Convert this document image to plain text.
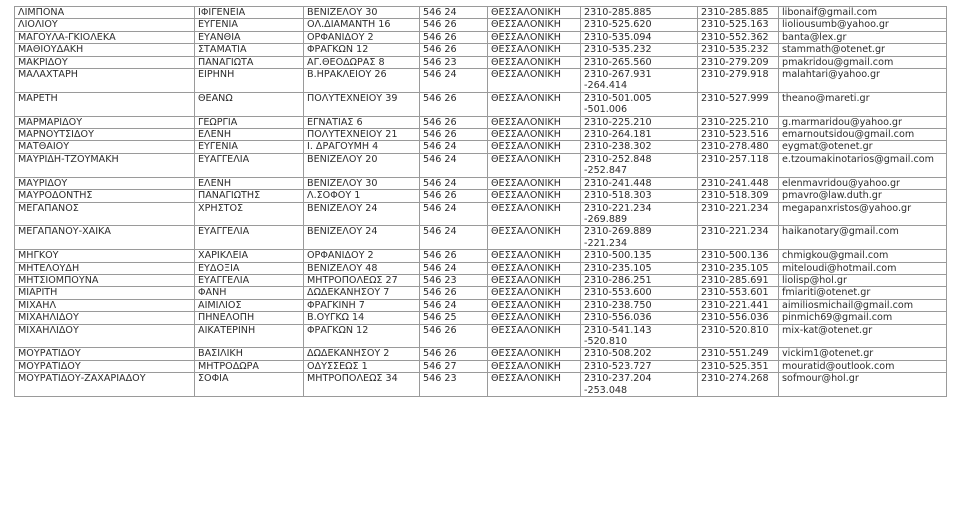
ΛΙΜΠΟΝΑ	ΙΦΙΓΕΝΕΙΑ	ΒΕΝΙΖΕΛΟΥ 30	546 24	ΘΕΣΣΑΛΟΝΙΚΗ	2310-285.885	2310-285.885	libonaif@gmail.com
ΛΙΟΛΙΟΥ	ΕΥΓΕΝΙΑ	ΟΛ.ΔΙΑΜΑΝΤΗ 16	546 26	ΘΕΣΣΑΛΟΝΙΚΗ	2310-525.620	2310-525.163	lioliousumb@yahoo.gr
ΜΑΓΟΥΛΑ-ΓΚΙΟΛΕΚΑ	ΕΥΑΝΘΙΑ	ΟΡΦΑΝΙΔΟΥ 2	546 26	ΘΕΣΣΑΛΟΝΙΚΗ	2310-535.094	2310-552.362	banta@lex.gr
ΜΑΘΙΟΥΔΑΚΗ	ΣΤΑΜΑΤΙΑ	ΦΡΑΓΚΩΝ 12	546 26	ΘΕΣΣΑΛΟΝΙΚΗ	2310-535.232	2310-535.232	stammath@otenet.gr
ΜΑΚΡΙΔΟΥ	ΠΑΝΑΓΙΩΤΑ	ΑΓ.ΘΕΟΔΩΡΑΣ 8	546 23	ΘΕΣΣΑΛΟΝΙΚΗ	2310-265.560	2310-279.209	pmakridou@gmail.com
ΜΑΛΑΧΤΑΡΗ	ΕΙΡΗΝΗ	Β.ΗΡΑΚΛΕΙΟΥ 26	546 24	ΘΕΣΣΑΛΟΝΙΚΗ	2310-267.931 -264.414	2310-279.918	malahtari@yahoo.gr
ΜΑΡΕΤΗ	ΘΕΑΝΩ	ΠΟΛΥΤΕΧΝΕΙΟΥ 39	546 26	ΘΕΣΣΑΛΟΝΙΚΗ	2310-501.005 -501.006	2310-527.999	theano@mareti.gr
ΜΑΡΜΑΡΙΔΟΥ	ΓΕΩΡΓΙΑ	ΕΓΝΑΤΙΑΣ 6	546 26	ΘΕΣΣΑΛΟΝΙΚΗ	2310-225.210	2310-225.210	g.marmaridou@yahoo.gr
ΜΑΡΝΟΥΤΣΙΔΟΥ	ΕΛΕΝΗ	ΠΟΛΥΤΕΧΝΕΙΟΥ 21	546 26	ΘΕΣΣΑΛΟΝΙΚΗ	2310-264.181	2310-523.516	emarnoutsidou@gmail.com
ΜΑΤΘΑΙΟΥ	ΕΥΓΕΝΙΑ	Ι. ΔΡΑΓΟΥΜΗ 4	546 24	ΘΕΣΣΑΛΟΝΙΚΗ	2310-238.302	2310-278.480	eygmat@otenet.gr
ΜΑΥΡΙΔΗ-ΤΖΟΥΜΑΚΗ	ΕΥΑΓΓΕΛΙΑ	ΒΕΝΙΖΕΛΟΥ 20	546 24	ΘΕΣΣΑΛΟΝΙΚΗ	2310-252.848 -252.847	2310-257.118	e.tzoumakinotarios@gmail.com
ΜΑΥΡΙΔΟΥ	ΕΛΕΝΗ	ΒΕΝΙΖΕΛΟΥ 30	546 24	ΘΕΣΣΑΛΟΝΙΚΗ	2310-241.448	2310-241.448	elenmavridou@yahoo.gr
ΜΑΥΡΟΔΟΝΤΗΣ	ΠΑΝΑΓΙΩΤΗΣ	Λ.ΣΟΦΟΥ 1	546 26	ΘΕΣΣΑΛΟΝΙΚΗ	2310-518.303	2310-518.309	pmavro@law.duth.gr
ΜΕΓΑΠΑΝΟΣ	ΧΡΗΣΤΟΣ	ΒΕΝΙΖΕΛΟΥ 24	546 24	ΘΕΣΣΑΛΟΝΙΚΗ	2310-221.234 -269.889	2310-221.234	megapanxristos@yahoo.gr
ΜΕΓΑΠΑΝΟΥ-ΧΑΙΚΑ	ΕΥΑΓΓΕΛΙΑ	ΒΕΝΙΖΕΛΟΥ 24	546 24	ΘΕΣΣΑΛΟΝΙΚΗ	2310-269.889 -221.234	2310-221.234	haikanotary@gmail.com
ΜΗΓΚΟΥ	ΧΑΡΙΚΛΕΙΑ	ΟΡΦΑΝΙΔΟΥ 2	546 26	ΘΕΣΣΑΛΟΝΙΚΗ	2310-500.135	2310-500.136	chmigkou@gmail.com
ΜΗΤΕΛΟΥΔΗ	ΕΥΔΟΞΙΑ	ΒΕΝΙΖΕΛΟΥ 48	546 24	ΘΕΣΣΑΛΟΝΙΚΗ	2310-235.105	2310-235.105	miteloudi@hotmail.com
ΜΗΤΣΙΟΜΠΟΥΝΑ	ΕΥΑΓΓΕΛΙΑ	ΜΗΤΡΟΠΟΛΕΩΣ 27	546 23	ΘΕΣΣΑΛΟΝΙΚΗ	2310-286.251	2310-285.691	liolisp@hol.gr
ΜΙΑΡΙΤΗ	ΦΑΝΗ	ΔΩΔΕΚΑΝΗΣΟΥ 7	546 26	ΘΕΣΣΑΛΟΝΙΚΗ	2310-553.600	2310-553.601	fmiariti@otenet.gr
ΜΙΧΑΗΛ	ΑΙΜΙΛΙΟΣ	ΦΡΑΓΚΙΝΗ 7	546 24	ΘΕΣΣΑΛΟΝΙΚΗ	2310-238.750	2310-221.441	aimiliosmichail@gmail.com
ΜΙΧΑΗΛΙΔΟΥ	ΠΗΝΕΛΟΠΗ	Β.ΟΥΓΚΩ 14	546 25	ΘΕΣΣΑΛΟΝΙΚΗ	2310-556.036	2310-556.036	pinmich69@gmail.com
ΜΙΧΑΗΛΙΔΟΥ	ΑΙΚΑΤΕΡΙΝΗ	ΦΡΑΓΚΩΝ 12	546 26	ΘΕΣΣΑΛΟΝΙΚΗ	2310-541.143 -520.810	2310-520.810	mix-kat@otenet.gr
ΜΟΥΡΑΤΙΔΟΥ	ΒΑΣΙΛΙΚΗ	ΔΩΔΕΚΑΝΗΣΟΥ 2	546 26	ΘΕΣΣΑΛΟΝΙΚΗ	2310-508.202	2310-551.249	vickim1@otenet.gr
ΜΟΥΡΑΤΙΔΟΥ	ΜΗΤΡΟΔΩΡΑ	ΟΔΥΣΣΕΩΣ 1	546 27	ΘΕΣΣΑΛΟΝΙΚΗ	2310-523.727	2310-525.351	mouratid@outlook.com
ΜΟΥΡΑΤΙΔΟΥ-ΖΑΧΑΡΙΑΔΟΥ	ΣΟΦΙΑ	ΜΗΤΡΟΠΟΛΕΩΣ 34	546 23	ΘΕΣΣΑΛΟΝΙΚΗ	2310-237.204 -253.048	2310-274.268	sofmour@hol.gr
